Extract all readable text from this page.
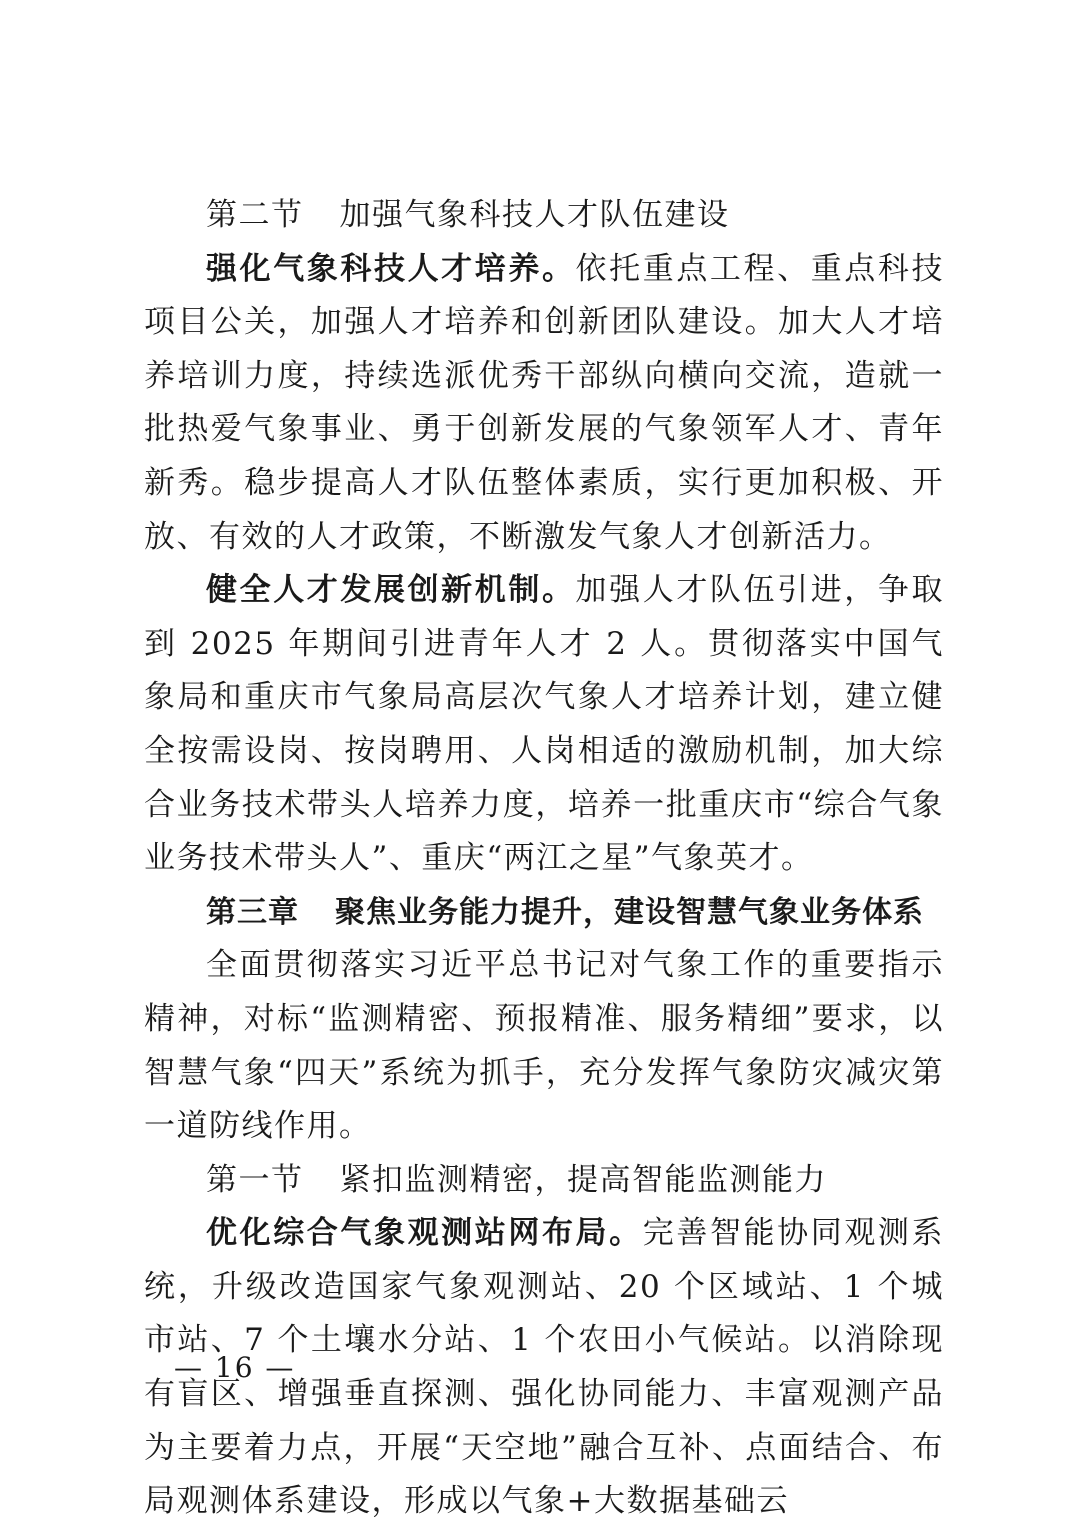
第二节 加强气象科技人才队伍建设

强化气象科技人才培养。依托重点工程、重点科技项目公关，加强人才培养和创新团队建设。加大人才培养培训力度，持续选派优秀干部纵向横向交流，造就一批热爱气象事业、勇于创新发展的气象领军人才、青年新秀。稳步提高人才队伍整体素质，实行更加积极、开放、有效的人才政策，不断激发气象人才创新活力。

健全人才发展创新机制。加强人才队伍引进，争取到 2025 年期间引进青年人才 2 人。贯彻落实中国气象局和重庆市气象局高层次气象人才培养计划，建立健全按需设岗、按岗聘用、人岗相适的激励机制，加大综合业务技术带头人培养力度，培养一批重庆市“综合气象业务技术带头人”、重庆“两江之星”气象英才。

第三章 聚焦业务能力提升，建设智慧气象业务体系

全面贯彻落实习近平总书记对气象工作的重要指示精神，对标“监测精密、预报精准、服务精细”要求，以智慧气象“四天”系统为抓手，充分发挥气象防灾减灾第一道防线作用。

第一节 紧扣监测精密，提高智能监测能力

优化综合气象观测站网布局。完善智能协同观测系统，升级改造国家气象观测站、20 个区域站、1 个城市站、7 个土壤水分站、1 个农田小气候站。以消除现有盲区、增强垂直探测、强化协同能力、丰富观测产品为主要着力点，开展“天空地”融合互补、点面结合、布局观测体系建设，形成以气象+大数据基础云

— 16 —
